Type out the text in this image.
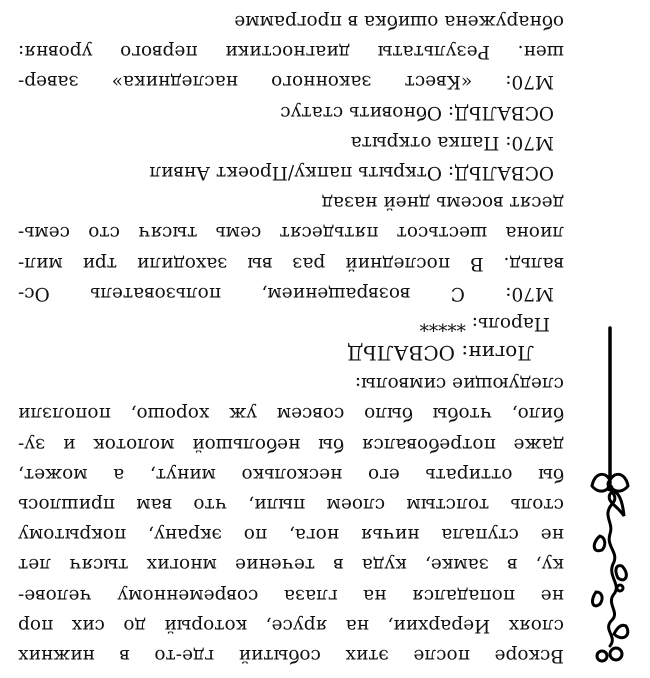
Вскоре после этих событий где-то в нижних
слоях Иерархии, на ярусе, который до сих пор
не попадался на глаза современному челове-
ку, в замке, куда в течение многих тысяч лет
не ступала ничья нога, по экрану, покрытому
столь толстым слоем пыли, что вам пришлось
бы оттирать его несколько минут, а может,
даже потребовался бы небольшой молоток и зу-
било, чтобы было совсем уж хорошо, поползли
следующие символы:
Логин: ОСВАЛЬД
Пароль: *****
М70: С возвращением, пользователь Ос-
вальд. В последний раз вы заходили три мил-
лиона шестьсот пятьдесят семь тысяч сто семь-
десят восемь дней назад
ОСВАЛЬД: Открыть папку/Проект Анвил
М70: Папка открыта
ОСВАЛЬД: Обновить статус
М70: «Квест законного наследника» завер-
шен. Результаты диагностики первого уровня:
обнаружена ошибка в программе
